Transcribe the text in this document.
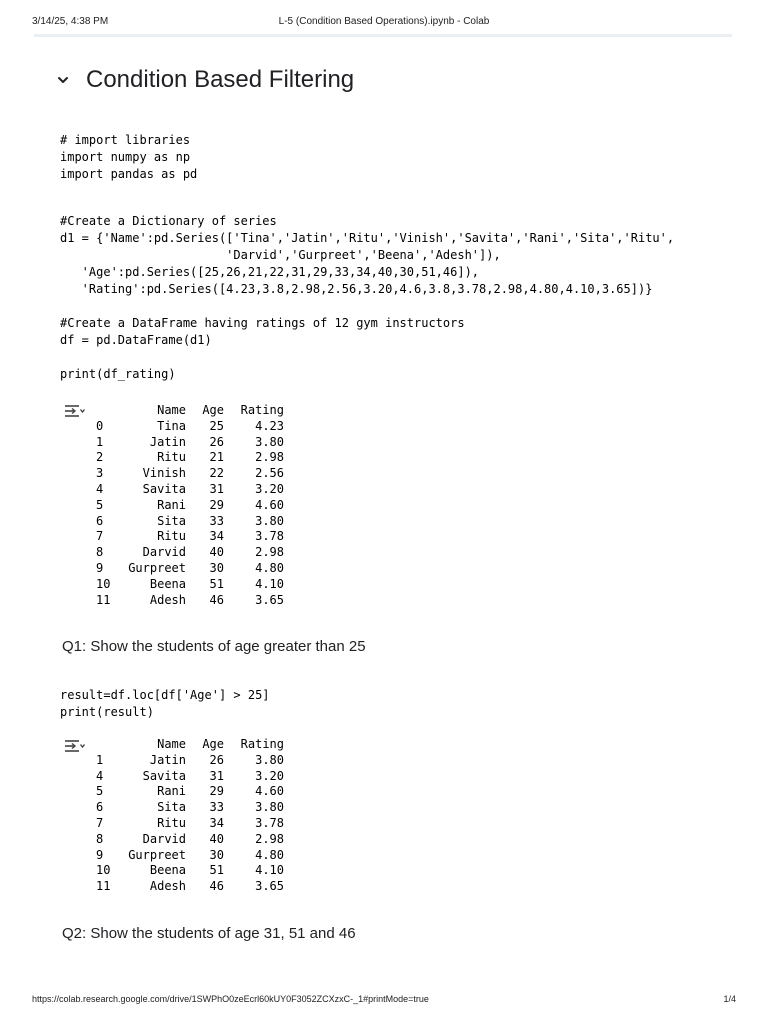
3/14/25, 4:38 PM	L-5 (Condition Based Operations).ipynb - Colab
Condition Based Filtering
# import libraries
import numpy as np
import pandas as pd
#Create a Dictionary of series
d1 = {'Name':pd.Series(['Tina','Jatin','Ritu','Vinish','Savita','Rani','Sita','Ritu',
'Darvid','Gurpreet','Beena','Adesh']),
'Age':pd.Series([25,26,21,22,31,29,33,34,40,30,51,46]),
'Rating':pd.Series([4.23,3.8,2.98,2.56,3.20,4.6,3.8,3.78,2.98,4.80,4.10,3.65])}

#Create a DataFrame having ratings of 12 gym instructors
df = pd.DataFrame(d1)

print(df_rating)
	Name	Age	Rating
0	Tina	25	4.23
1	Jatin	26	3.80
2	Ritu	21	2.98
3	Vinish	22	2.56
4	Savita	31	3.20
5	Rani	29	4.60
6	Sita	33	3.80
7	Ritu	34	3.78
8	Darvid	40	2.98
9	Gurpreet	30	4.80
10	Beena	51	4.10
11	Adesh	46	3.65
Q1: Show the students of age greater than 25
result=df.loc[df['Age'] > 25]
print(result)
	Name	Age	Rating
1	Jatin	26	3.80
4	Savita	31	3.20
5	Rani	29	4.60
6	Sita	33	3.80
7	Ritu	34	3.78
8	Darvid	40	2.98
9	Gurpreet	30	4.80
10	Beena	51	4.10
11	Adesh	46	3.65
Q2: Show the students of age 31, 51 and 46
https://colab.research.google.com/drive/1SWPhO0zeEcrl60kUY0F3052ZCXzxC-_1#printMode=true	1/4
